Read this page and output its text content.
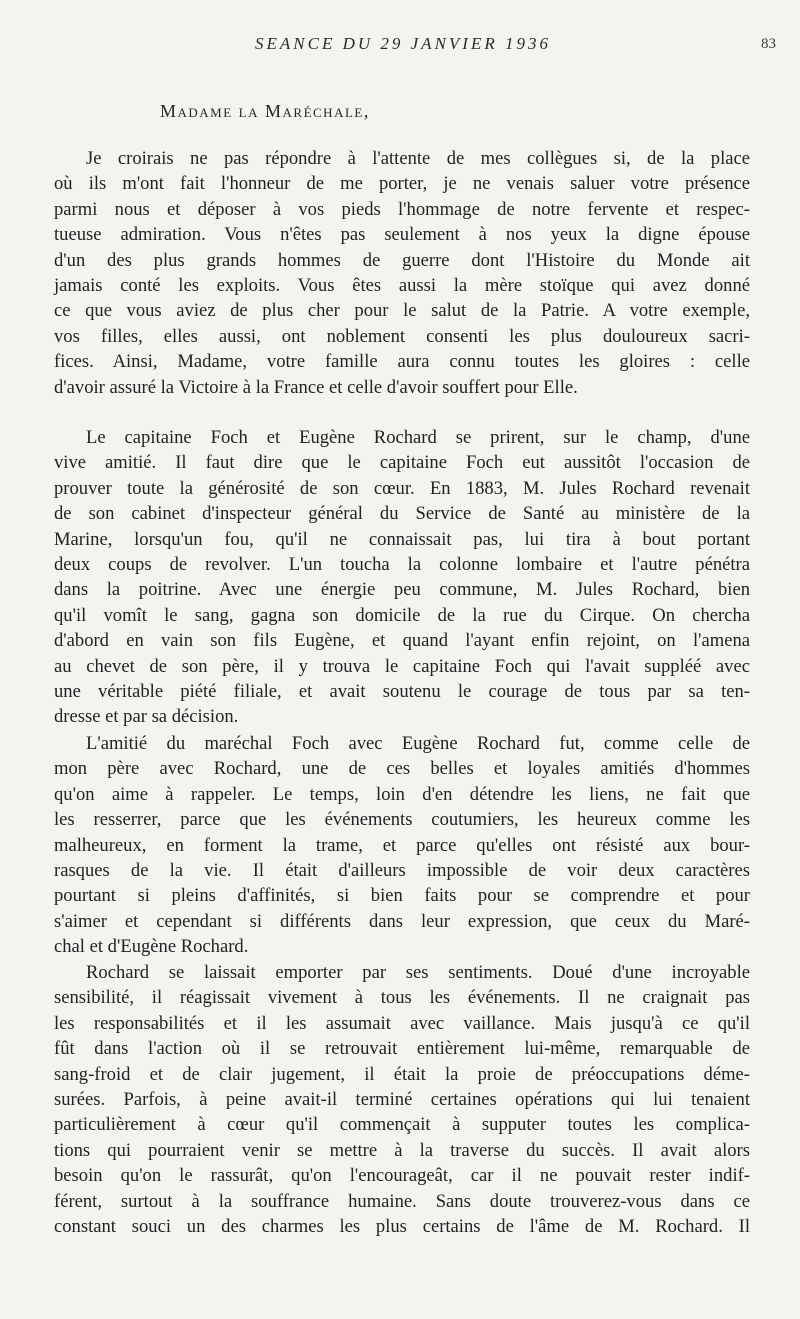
SEANCE DU 29 JANVIER 1936	83
Madame la Maréchale,
Je croirais ne pas répondre à l'attente de mes collègues si, de la place
où ils m'ont fait l'honneur de me porter, je ne venais saluer votre présence
parmi nous et déposer à vos pieds l'hommage de notre fervente et respec-
tueuse admiration. Vous n'êtes pas seulement à nos yeux la digne épouse
d'un des plus grands hommes de guerre dont l'Histoire du Monde ait
jamais conté les exploits. Vous êtes aussi la mère stoïque qui avez donné
ce que vous aviez de plus cher pour le salut de la Patrie. A votre exemple,
vos filles, elles aussi, ont noblement consenti les plus douloureux sacri-
fices. Ainsi, Madame, votre famille aura connu toutes les gloires : celle
d'avoir assuré la Victoire à la France et celle d'avoir souffert pour Elle.
Le capitaine Foch et Eugène Rochard se prirent, sur le champ, d'une
vive amitié. Il faut dire que le capitaine Foch eut aussitôt l'occasion de
prouver toute la générosité de son cœur. En 1883, M. Jules Rochard revenait
de son cabinet d'inspecteur général du Service de Santé au ministère de la
Marine, lorsqu'un fou, qu'il ne connaissait pas, lui tira à bout portant
deux coups de revolver. L'un toucha la colonne lombaire et l'autre pénétra
dans la poitrine. Avec une énergie peu commune, M. Jules Rochard, bien
qu'il vomît le sang, gagna son domicile de la rue du Cirque. On chercha
d'abord en vain son fils Eugène, et quand l'ayant enfin rejoint, on l'amena
au chevet de son père, il y trouva le capitaine Foch qui l'avait suppléé avec
une véritable piété filiale, et avait soutenu le courage de tous par sa ten-
dresse et par sa décision.
L'amitié du maréchal Foch avec Eugène Rochard fut, comme celle de
mon père avec Rochard, une de ces belles et loyales amitiés d'hommes
qu'on aime à rappeler. Le temps, loin d'en détendre les liens, ne fait que
les resserrer, parce que les événements coutumiers, les heureux comme les
malheureux, en forment la trame, et parce qu'elles ont résisté aux bour-
rasques de la vie. Il était d'ailleurs impossible de voir deux caractères
pourtant si pleins d'affinités, si bien faits pour se comprendre et pour
s'aimer et cependant si différents dans leur expression, que ceux du Maré-
chal et d'Eugène Rochard.
Rochard se laissait emporter par ses sentiments. Doué d'une incroyable
sensibilité, il réagissait vivement à tous les événements. Il ne craignait pas
les responsabilités et il les assumait avec vaillance. Mais jusqu'à ce qu'il
fût dans l'action où il se retrouvait entièrement lui-même, remarquable de
sang-froid et de clair jugement, il était la proie de préoccupations déme-
surées. Parfois, à peine avait-il terminé certaines opérations qui lui tenaient
particulièrement à cœur qu'il commençait à supputer toutes les complica-
tions qui pourraient venir se mettre à la traverse du succès. Il avait alors
besoin qu'on le rassurât, qu'on l'encourageât, car il ne pouvait rester indif-
férent, surtout à la souffrance humaine. Sans doute trouverez-vous dans ce
constant souci un des charmes les plus certains de l'âme de M. Rochard. Il
